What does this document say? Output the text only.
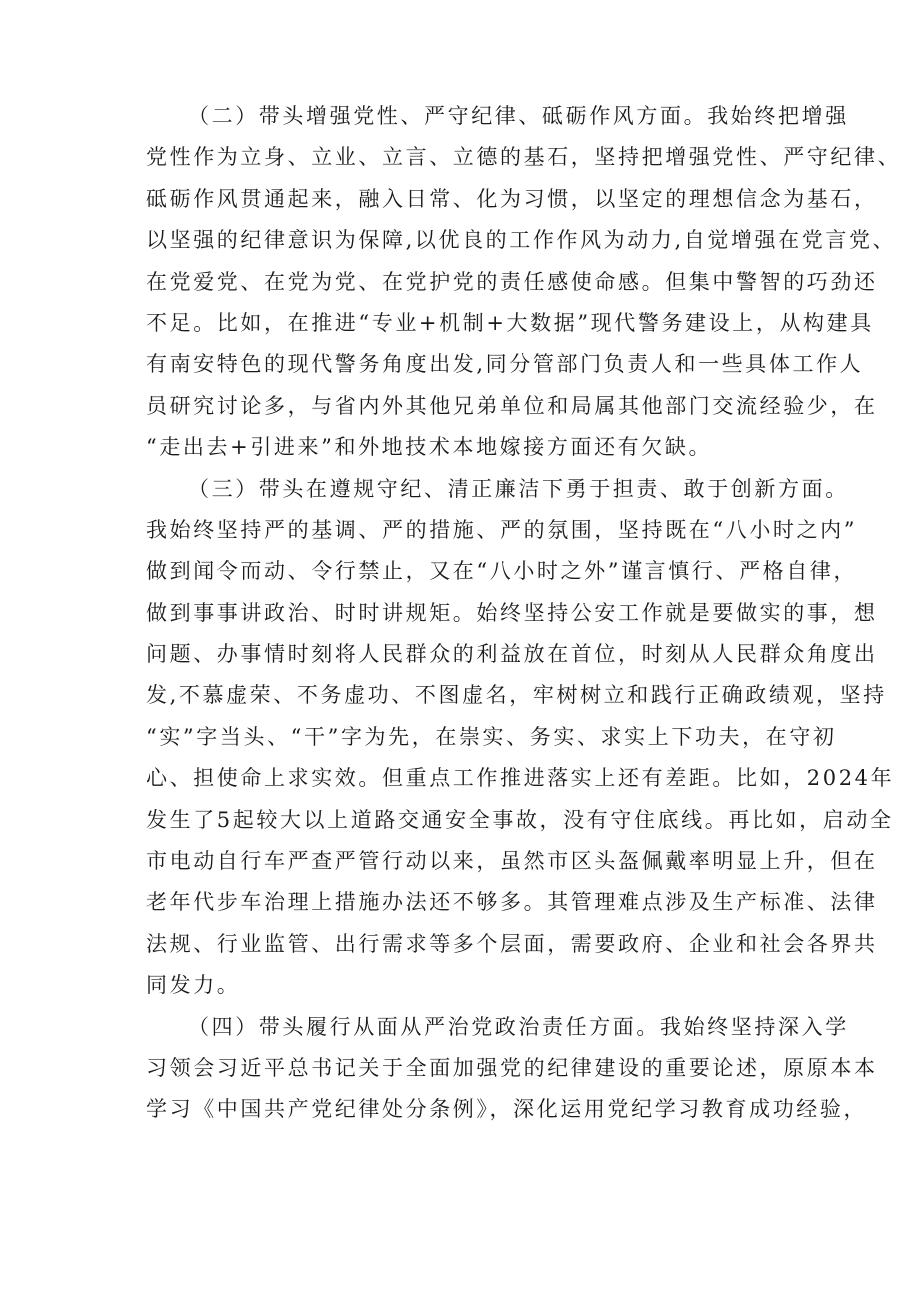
（二）带头增强党性、严守纪律、砥砺作风方面。我始终把增强
党性作为立身、立业、立言、立德的基石，坚持把增强党性、严守纪律、
砥砺作风贯通起来，融入日常、化为习惯，以坚定的理想信念为基石，
以坚强的纪律意识为保障,以优良的工作作风为动力,自觉增强在党言党、
在党爱党、在党为党、在党护党的责任感使命感。但集中警智的巧劲还
不足。比如，在推进“专业+机制+大数据”现代警务建设上，从构建具
有南安特色的现代警务角度出发,同分管部门负责人和一些具体工作人
员研究讨论多，与省内外其他兄弟单位和局属其他部门交流经验少，在
“走出去+引进来”和外地技术本地嫁接方面还有欠缺。
（三）带头在遵规守纪、清正廉洁下勇于担责、敢于创新方面。
我始终坚持严的基调、严的措施、严的氛围，坚持既在“八小时之内”
做到闻令而动、令行禁止，又在“八小时之外”谨言慎行、严格自律，
做到事事讲政治、时时讲规矩。始终坚持公安工作就是要做实的事，想
问题、办事情时刻将人民群众的利益放在首位，时刻从人民群众角度出
发,不慕虚荣、不务虚功、不图虚名，牢树树立和践行正确政绩观，坚持
“实”字当头、“干”字为先，在崇实、务实、求实上下功夫，在守初
心、担使命上求实效。但重点工作推进落实上还有差距。比如，2024年
发生了5起较大以上道路交通安全事故，没有守住底线。再比如，启动全
市电动自行车严查严管行动以来，虽然市区头盔佩戴率明显上升，但在
老年代步车治理上措施办法还不够多。其管理难点涉及生产标准、法律
法规、行业监管、出行需求等多个层面，需要政府、企业和社会各界共
同发力。
（四）带头履行从面从严治党政治责任方面。我始终坚持深入学
习领会习近平总书记关于全面加强党的纪律建设的重要论述，原原本本
学习《中国共产党纪律处分条例》，深化运用党纪学习教育成功经验，
